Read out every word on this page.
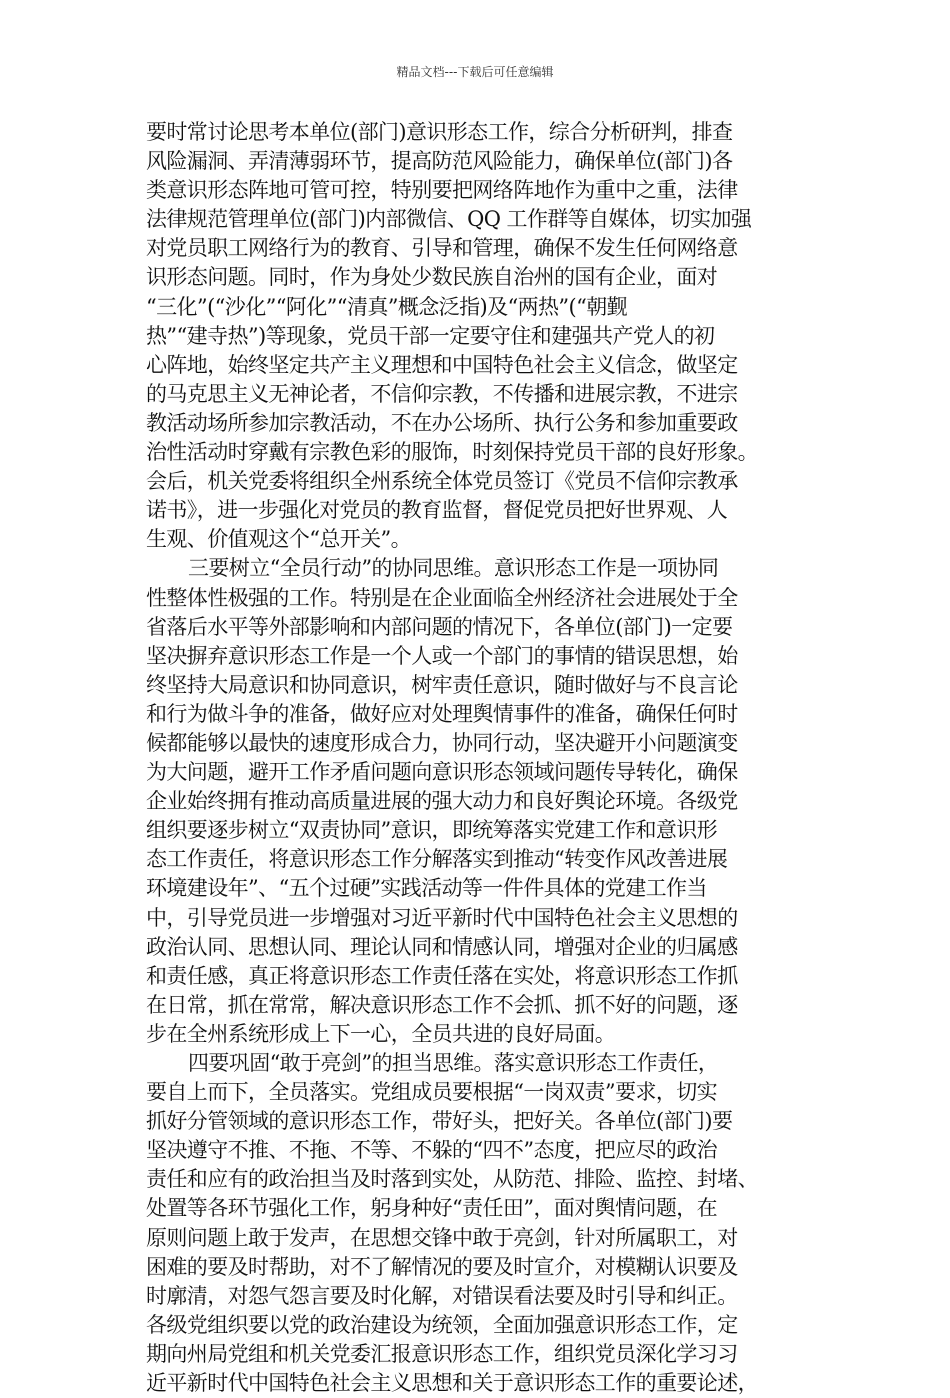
精品文档---下载后可任意编辑
要时常讨论思考本单位(部门)意识形态工作，综合分析研判，排查
风险漏洞、弄清薄弱环节，提高防范风险能力，确保单位(部门)各
类意识形态阵地可管可控，特别要把网络阵地作为重中之重，法律
法律规范管理单位(部门)内部微信、QQ 工作群等自媒体，切实加强
对党员职工网络行为的教育、引导和管理，确保不发生任何网络意
识形态问题。同时，作为身处少数民族自治州的国有企业，面对
“三化”(“沙化”“阿化”“清真”概念泛指)及“两热”(“朝觐
热”“建寺热”)等现象，党员干部一定要守住和建强共产党人的初
心阵地，始终坚定共产主义理想和中国特色社会主义信念，做坚定
的马克思主义无神论者，不信仰宗教，不传播和进展宗教，不进宗
教活动场所参加宗教活动，不在办公场所、执行公务和参加重要政
治性活动时穿戴有宗教色彩的服饰，时刻保持党员干部的良好形象。
会后，机关党委将组织全州系统全体党员签订《党员不信仰宗教承
诺书》，进一步强化对党员的教育监督，督促党员把好世界观、人
生观、价值观这个“总开关”。
三要树立“全员行动”的协同思维。意识形态工作是一项协同
性整体性极强的工作。特别是在企业面临全州经济社会进展处于全
省落后水平等外部影响和内部问题的情况下，各单位(部门)一定要
坚决摒弃意识形态工作是一个人或一个部门的事情的错误思想，始
终坚持大局意识和协同意识，树牢责任意识，随时做好与不良言论
和行为做斗争的准备，做好应对处理舆情事件的准备，确保任何时
候都能够以最快的速度形成合力，协同行动，坚决避开小问题演变
为大问题，避开工作矛盾问题向意识形态领域问题传导转化，确保
企业始终拥有推动高质量进展的强大动力和良好舆论环境。各级党
组织要逐步树立“双责协同”意识，即统筹落实党建工作和意识形
态工作责任，将意识形态工作分解落实到推动“转变作风改善进展
环境建设年”、“五个过硬”实践活动等一件件具体的党建工作当
中，引导党员进一步增强对习近平新时代中国特色社会主义思想的
政治认同、思想认同、理论认同和情感认同，增强对企业的归属感
和责任感，真正将意识形态工作责任落在实处，将意识形态工作抓
在日常，抓在常常，解决意识形态工作不会抓、抓不好的问题，逐
步在全州系统形成上下一心，全员共进的良好局面。
四要巩固“敢于亮剑”的担当思维。落实意识形态工作责任，
要自上而下，全员落实。党组成员要根据“一岗双责”要求，切实
抓好分管领域的意识形态工作，带好头，把好关。各单位(部门)要
坚决遵守不推、不拖、不等、不躲的“四不”态度，把应尽的政治
责任和应有的政治担当及时落到实处，从防范、排险、监控、封堵、
处置等各环节强化工作，躬身种好“责任田”，面对舆情问题，在
原则问题上敢于发声，在思想交锋中敢于亮剑，针对所属职工，对
困难的要及时帮助，对不了解情况的要及时宣介，对模糊认识要及
时廓清，对怨气怨言要及时化解，对错误看法要及时引导和纠正。
各级党组织要以党的政治建设为统领，全面加强意识形态工作，定
期向州局党组和机关党委汇报意识形态工作，组织党员深化学习习
近平新时代中国特色社会主义思想和关于意识形态工作的重要论述，
